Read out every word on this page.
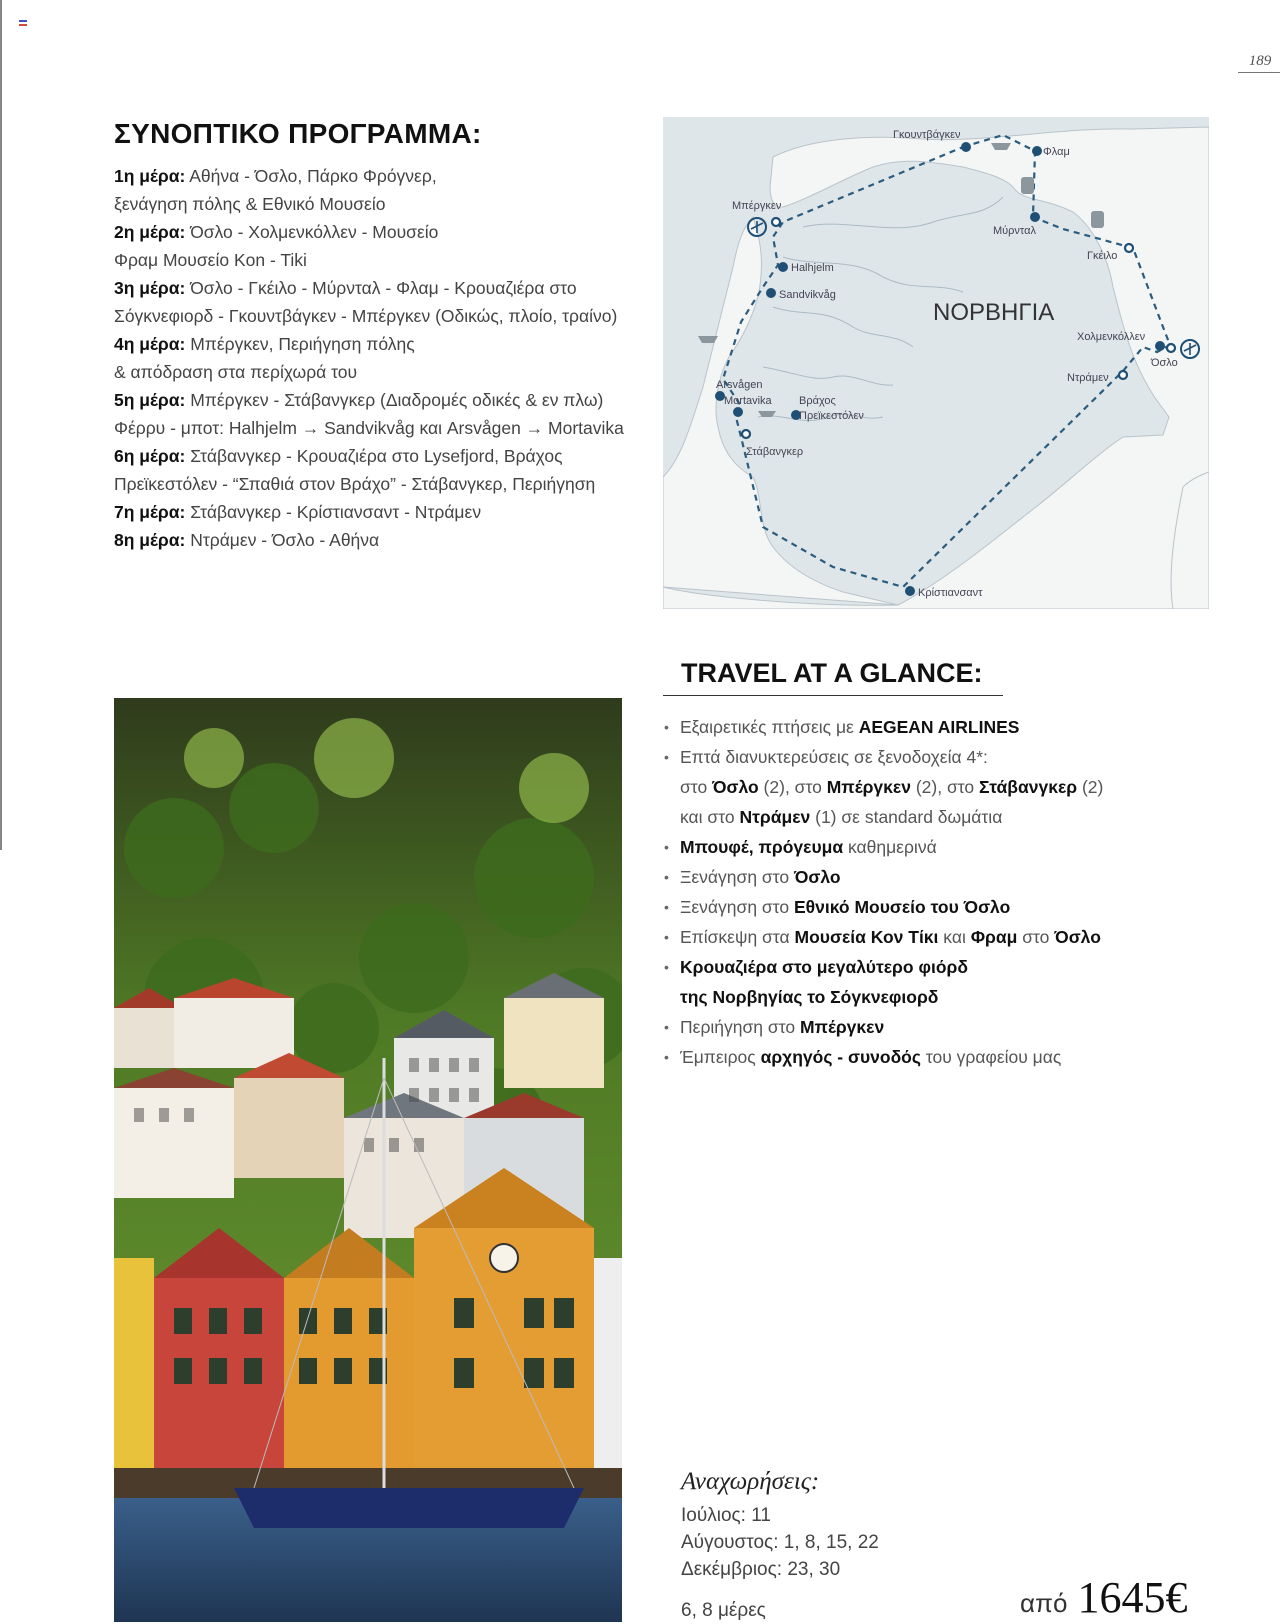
189
ΣΥΝΟΠΤΙΚΟ ΠΡΟΓΡΑΜΜΑ:
1η μέρα: Αθήνα - Όσλο, Πάρκο Φρόγνερ,
ξενάγηση πόλης & Εθνικό Μουσείο
2η μέρα: Όσλο - Χολμενκόλλεν - Μουσείο
Φραμ Μουσείο Kon - Tiki
3η μέρα: Όσλο - Γκέιλο - Μύρνταλ - Φλαμ - Κρουαζιέρα στο
Σόγκνεφιορδ - Γκουντβάγκεν - Μπέργκεν (Οδικώς, πλοίο, τραίνο)
4η μέρα: Μπέργκεν, Περιήγηση πόλης
& απόδραση στα περίχωρά του
5η μέρα: Μπέργκεν - Στάβανγκερ (Διαδρομές οδικές & εν πλω)
Φέρρυ - μποτ: Halhjelm → Sandvikvåg και Arsvågen → Mortavika
6η μέρα: Στάβανγκερ - Κρουαζιέρα στο Lysefjord, Βράχος
Πρεϊκεστόλεν - “Σπαθιά στον Βράχο” - Στάβανγκερ, Περιήγηση
7η μέρα: Στάβανγκερ - Κρίστιανσαντ - Ντράμεν
8η μέρα: Ντράμεν - Όσλο - Αθήνα
Γκουντβάγκεν
Φλαμ
Μπέργκεν
Μύρνταλ
Γκέιλο
Halhjelm
Sandvikvåg
Χολμενκόλλεν
Όσλο
Ντράμεν
Arsvågen
Mortavika Βράχος
Πρεϊκεστόλεν
Στάβανγκερ
Κρίστιανσαντ
ΝΟΡΒΗΓΙΑ
TRAVEL AT A GLANCE:
• Εξαιρετικές πτήσεις με AEGEAN AIRLINES
• Επτά διανυκτερεύσεις σε ξενοδοχεία 4*:
στο Όσλο (2), στο Μπέργκεν (2), στο Στάβανγκερ (2)
και στο Ντράμεν (1) σε standard δωμάτια
• Μπουφέ, πρόγευμα καθημερινά
• Ξενάγηση στο Όσλο
• Ξενάγηση στο Εθνικό Μουσείο του Όσλο
• Επίσκεψη στα Μουσεία Κον Τίκι και Φραμ στο Όσλο
• Κρουαζιέρα στο μεγαλύτερο φιόρδ
της Νορβηγίας το Σόγκνεφιορδ
• Περιήγηση στο Μπέργκεν
• Έμπειρος αρχηγός - συνοδός του γραφείου μας
Αναχωρήσεις:
Ιούλιος: 11
Αύγουστος: 1, 8, 15, 22
Δεκέμβριος: 23, 30
6, 8 μέρες	από 1645€
